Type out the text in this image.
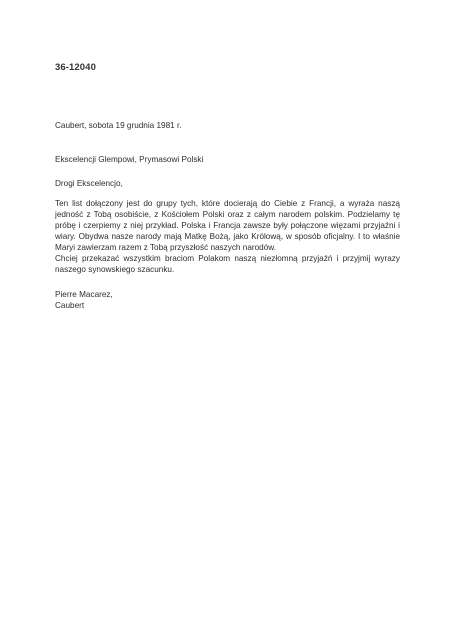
36-12040
Caubert, sobota 19 grudnia 1981 r.
Ekscelencji Glempowi, Prymasowi Polski
Drogi Ekscelencjo,

Ten list dołączony jest do grupy tych, które docierają do Ciebie z Francji, a wyraża naszą jedność z Tobą osobiście, z Kościołem Polski oraz z całym narodem polskim. Podzielamy tę próbę i czerpiemy z niej przykład. Polska i Francja zawsze były połączone więzami przyjaźni i wiary. Obydwa nasze narody mają Matkę Bożą, jako Królową, w sposób oficjalny. I to właśnie Maryi zawierzam razem z Tobą przyszłość naszych narodów.

Chciej przekazać wszystkim braciom Polakom naszą niezłomną przyjaźń i przyjmij wyrazy naszego synowskiego szacunku.

Pierre Macarez,
Caubert
